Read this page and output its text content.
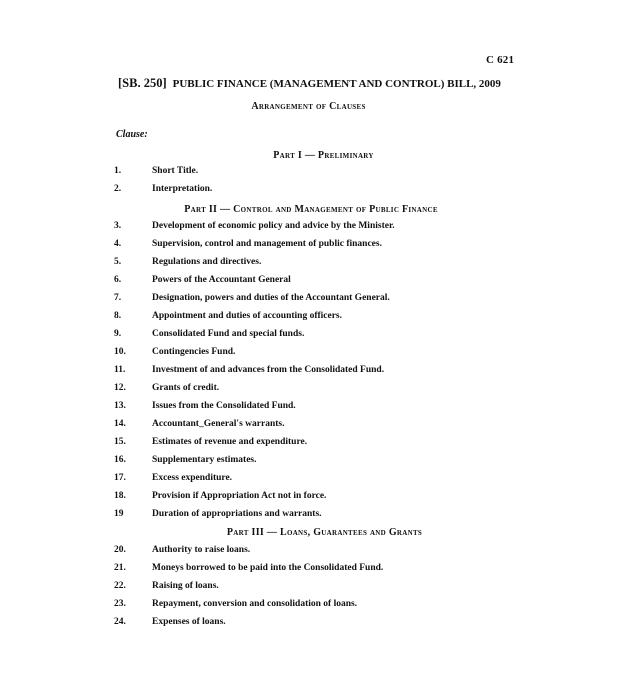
C 621
[SB. 250] PUBLIC FINANCE (MANAGEMENT AND CONTROL) BILL, 2009
Arrangement of Clauses
Clause:
Part I — Preliminary
1.	Short Title.
2.	Interpretation.
Part II — Control and Management of Public Finance
3.	Development of economic policy and advice by the Minister.
4.	Supervision, control and management of public finances.
5.	Regulations and directives.
6.	Powers of the Accountant General
7.	Designation, powers and duties of the Accountant General.
8.	Appointment and duties of accounting officers.
9.	Consolidated Fund and special funds.
10.	Contingencies Fund.
11.	Investment of and advances from the Consolidated Fund.
12.	Grants of credit.
13.	Issues from the Consolidated Fund.
14.	Accountant_General's warrants.
15.	Estimates of revenue and expenditure.
16.	Supplementary estimates.
17.	Excess expenditure.
18.	Provision if Appropriation Act not in force.
19	Duration of appropriations and warrants.
Part III — Loans, Guarantees and Grants
20.	Authority to raise loans.
21.	Moneys borrowed to be paid into the Consolidated Fund.
22.	Raising of loans.
23.	Repayment, conversion and consolidation of loans.
24.	Expenses of loans.
